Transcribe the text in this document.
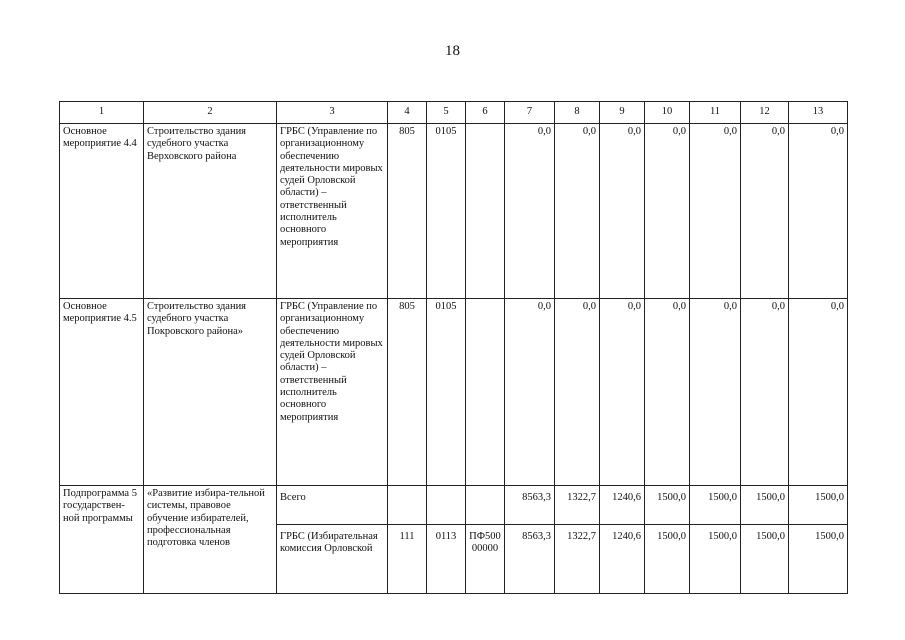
18
1	2	3	4	5	6	7	8	9	10	11	12	13
Основное мероприятие 4.4	Строительство здания судебного участка Верховского района	ГРБС (Управление по организационному обеспечению деятельности мировых судей Орловской области) – ответственный исполнитель основного мероприятия	805	0105		0,0	0,0	0,0	0,0	0,0	0,0	0,0
Основное мероприятие 4.5	Строительство здания судебного участка Покровского района»	ГРБС (Управление по организационному обеспечению деятельности мировых судей Орловской области) – ответственный исполнитель основного мероприятия	805	0105		0,0	0,0	0,0	0,0	0,0	0,0	0,0
Подпрограмма 5 государствен-ной программы	«Развитие избира-тельной системы, правовое обучение избирателей, профессиональная подготовка членов	Всего				8563,3	1322,7	1240,6	1500,0	1500,0	1500,0	1500,0
		ГРБС (Избирательная комиссия Орловской	111	0113	ПФ50000000	8563,3	1322,7	1240,6	1500,0	1500,0	1500,0	1500,0
